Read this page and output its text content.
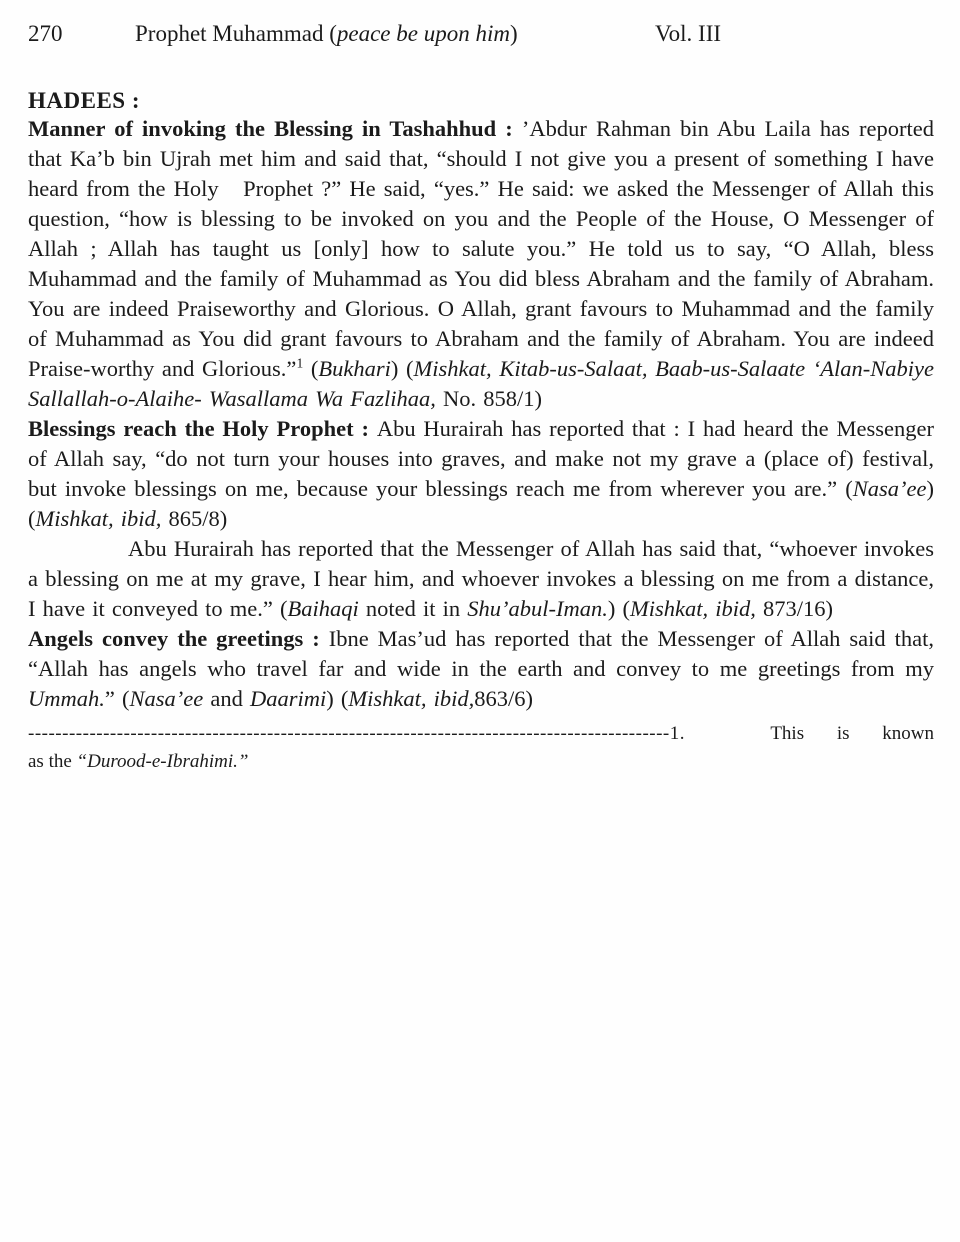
270	Prophet Muhammad (peace be upon him)	Vol. III
HADEES :

Manner of invoking the Blessing in Tashahhud : ’Abdur Rahman bin Abu Laila has reported that Ka’b bin Ujrah met him and said that, “should I not give you a present of something I have heard from the Holy   Prophet ?” He said, “yes.” He said: we asked the Messenger of Allah this question, “how is blessing to be invoked on you and the People of the House, O Messenger of Allah ; Allah has taught us [only] how to salute you.” He told us to say, “O Allah, bless Muhammad and the family of Muhammad as You did bless Abraham and the family of Abraham. You are indeed Praiseworthy and Glorious. O Allah, grant favours to Muhammad and the family of Muhammad as You did grant favours to Abraham and the family of Abraham. You are indeed Praise-worthy and Glorious.”$^1$ (Bukhari) (Mishkat, Kitab-us-Salaat, Baab-us-Salaate ‘Alan-Nabiye Sallallah-o-Alaihe- Wasallama Wa Fazlihaa, No. 858/1)

Blessings reach the Holy Prophet : Abu Hurairah has reported that : I had heard the Messenger of Allah say, “do not turn your houses into graves, and make not my grave a (place of) festival, but invoke blessings on me, because your blessings reach me from wherever you are.” (Nasa’ee) (Mishkat, ibid, 865/8)

Abu Hurairah has reported that the Messenger of Allah has said that, “whoever invokes a blessing on me at my grave, I hear him, and whoever invokes a blessing on me from a distance, I have it conveyed to me.” (Baihaqi noted it in Shu’abul-Iman.) (Mishkat, ibid, 873/16)

Angels convey the greetings : Ibne Mas’ud has reported that the Messenger of Allah said that, “Allah has angels who travel far and wide in the earth and convey to me greetings from my Ummah.” (Nasa’ee and Daarimi) (Mishkat, ibid,863/6)

----------------------------------------------------------------------------------------------1.	This is known
as the “Durood-e-Ibrahimi.”
